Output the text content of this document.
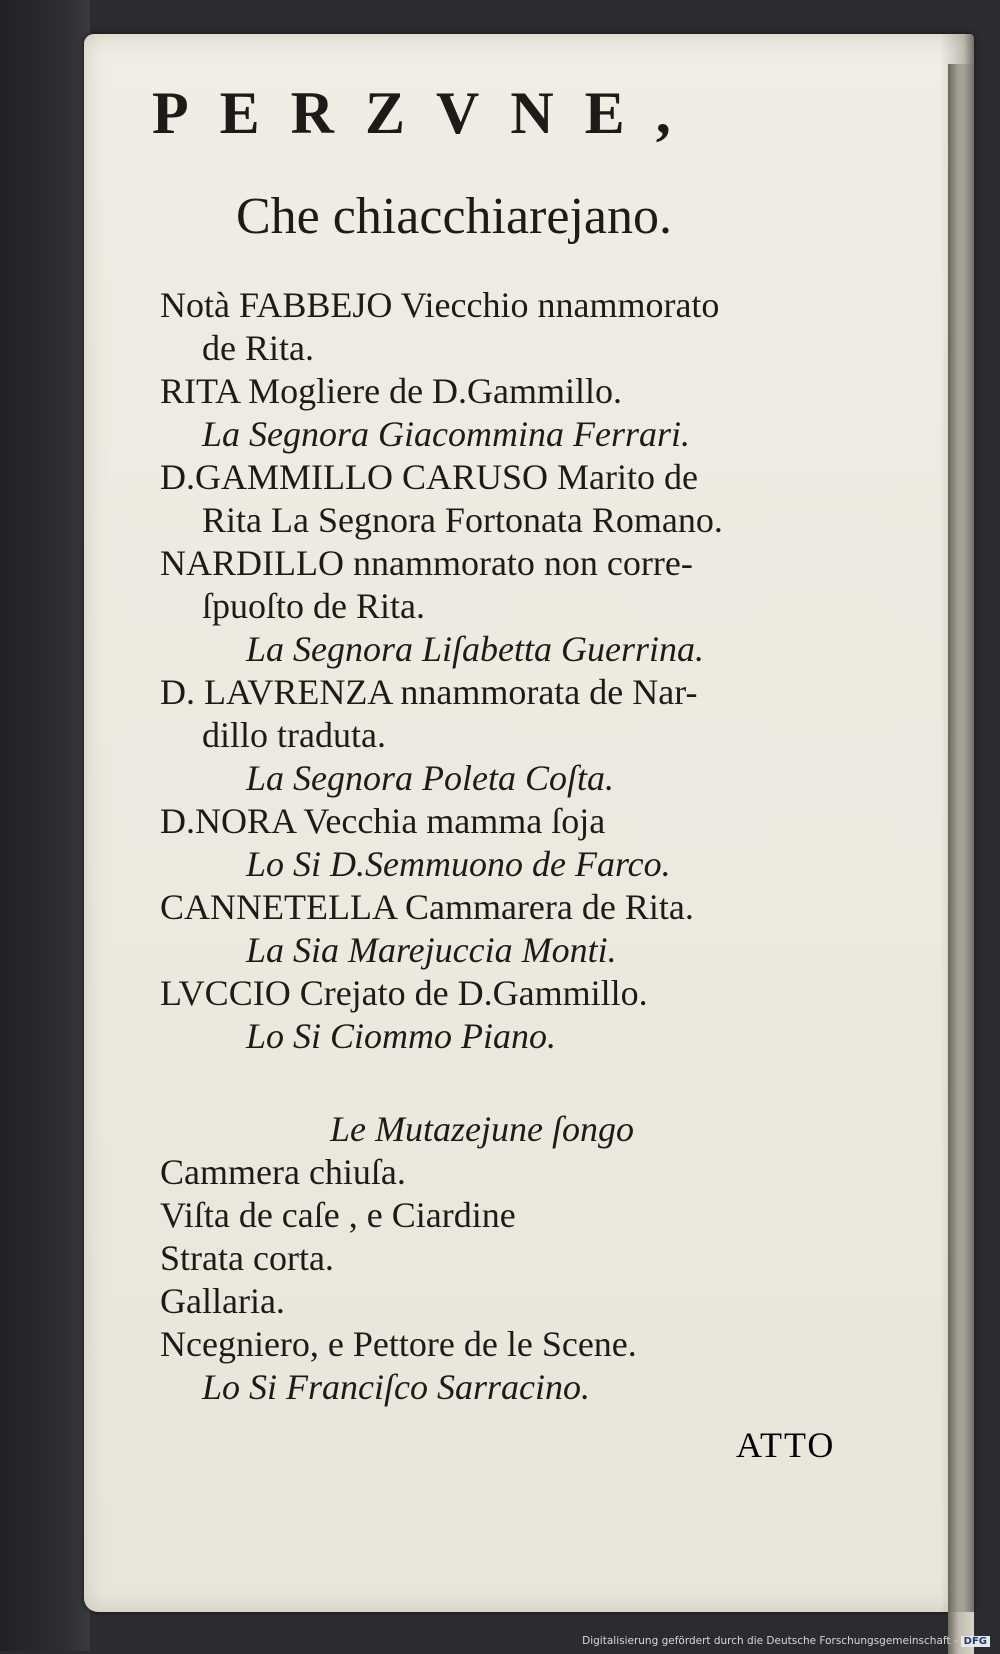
PERZVNE,
Che chiacchiarejano.
Notà FABBEJO Viecchio nnammorato
de Rita.
RITA Mogliere de D.Gammillo.
La Segnora Giacommina Ferrari.
D.GAMMILLO CARUSO Marito de
Rita La Segnora Fortonata Romano.
NARDILLO nnammorato non corre-
ſpuoſto de Rita.
La Segnora Liſabetta Guerrina.
D. LAVRENZA nnammorata de Nar-
dillo traduta.
La Segnora Poleta Coſta.
D.NORA Vecchia mamma ſoja
Lo Si D.Semmuono de Farco.
CANNETELLA Cammarera de Rita.
La Sia Marejuccia Monti.
LVCCIO Crejato de D.Gammillo.
Lo Si Ciommo Piano.
Le Mutazejune ſongo
Cammera chiuſa.
Viſta de caſe , e Ciardine
Strata corta.
Gallaria.
Ncegniero, e Pettore de le Scene.
Lo Si Franciſco Sarracino.
ATTO
Digitalisierung gefördert durch die Deutsche Forschungsgemeinschaft - DFG
